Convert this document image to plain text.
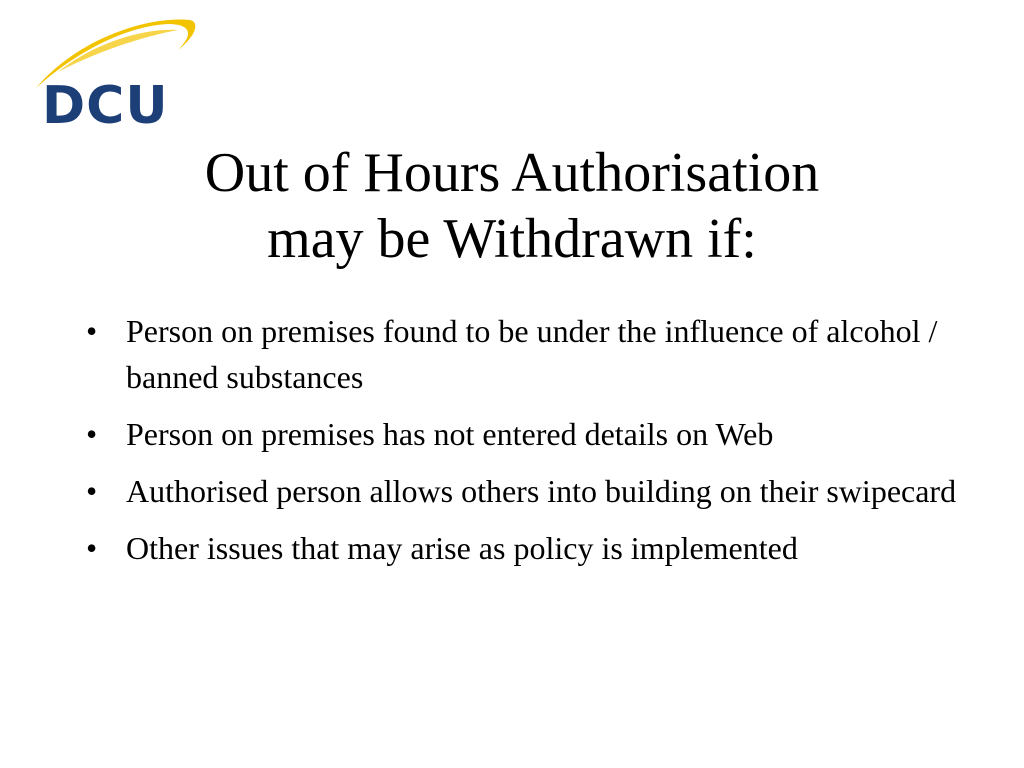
DCU
Out of Hours Authorisation
may be Withdrawn if:
• Person on premises found to be under the influence of alcohol / banned substances
• Person on premises has not entered details on Web
• Authorised person allows others into building on their swipecard
• Other issues that may arise as policy is implemented
